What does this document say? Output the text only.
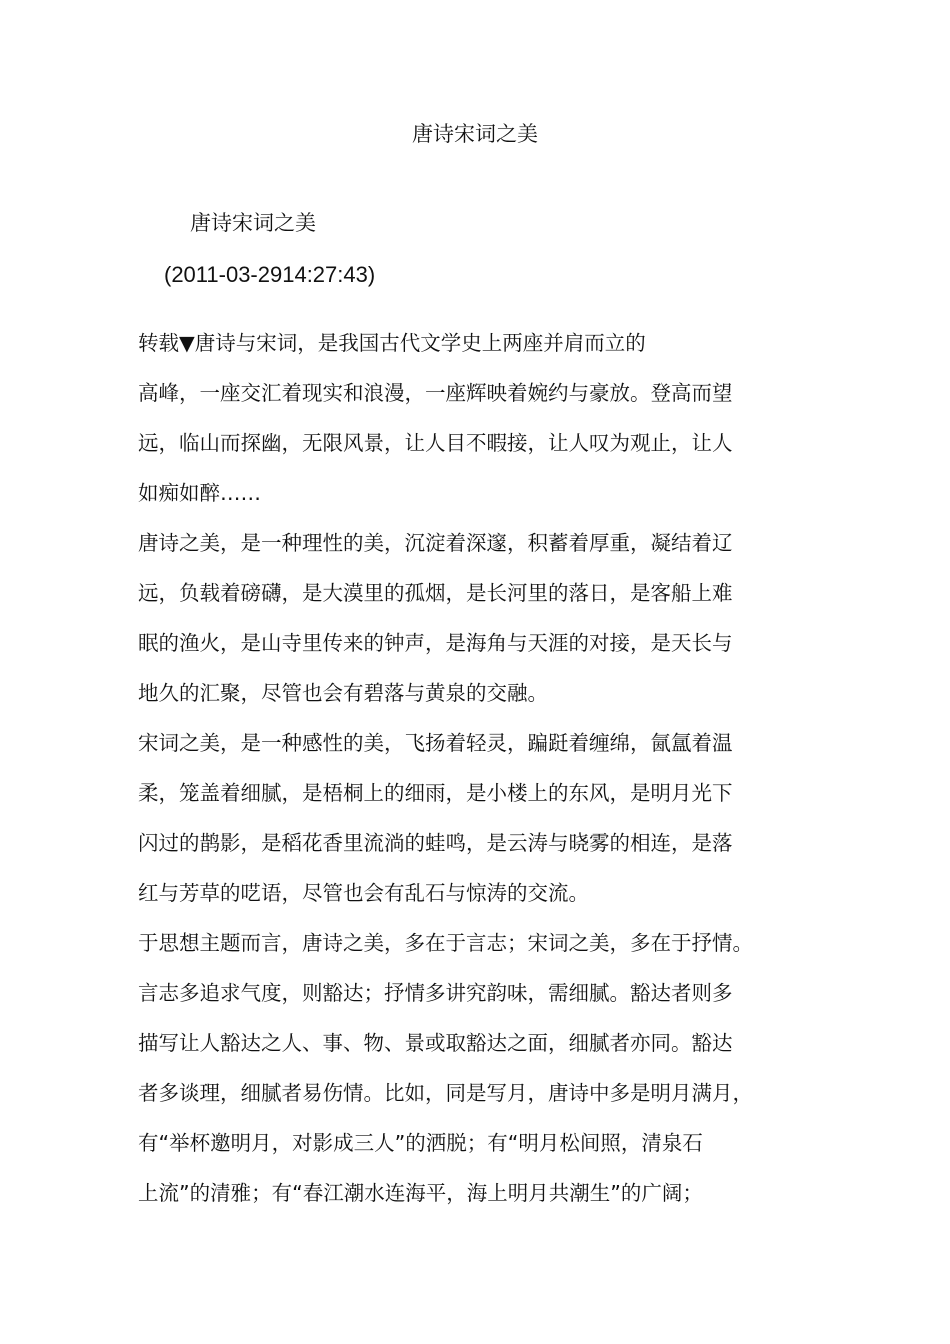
唐诗宋词之美
唐诗宋词之美
(2011-03-2914:27:43)
转载▼唐诗与宋词，是我国古代文学史上两座并肩而立的
高峰，一座交汇着现实和浪漫，一座辉映着婉约与豪放。登高而望
远，临山而探幽，无限风景，让人目不暇接，让人叹为观止，让人
如痴如醉……
唐诗之美，是一种理性的美，沉淀着深邃，积蓄着厚重，凝结着辽
远，负载着磅礴，是大漠里的孤烟，是长河里的落日，是客船上难
眠的渔火，是山寺里传来的钟声，是海角与天涯的对接，是天长与
地久的汇聚，尽管也会有碧落与黄泉的交融。
宋词之美，是一种感性的美，飞扬着轻灵，蹁跹着缠绵，氤氲着温
柔，笼盖着细腻，是梧桐上的细雨，是小楼上的东风，是明月光下
闪过的鹊影，是稻花香里流淌的蛙鸣，是云涛与晓雾的相连，是落
红与芳草的呓语，尽管也会有乱石与惊涛的交流。
于思想主题而言，唐诗之美，多在于言志；宋词之美，多在于抒情。
言志多追求气度，则豁达；抒情多讲究韵味，需细腻。豁达者则多
描写让人豁达之人、事、物、景或取豁达之面，细腻者亦同。豁达
者多谈理，细腻者易伤情。比如，同是写月，唐诗中多是明月满月，
有“举杯邀明月，对影成三人”的洒脱；有“明月松间照，清泉石
上流”的清雅；有“春江潮水连海平，海上明月共潮生”的广阔；
